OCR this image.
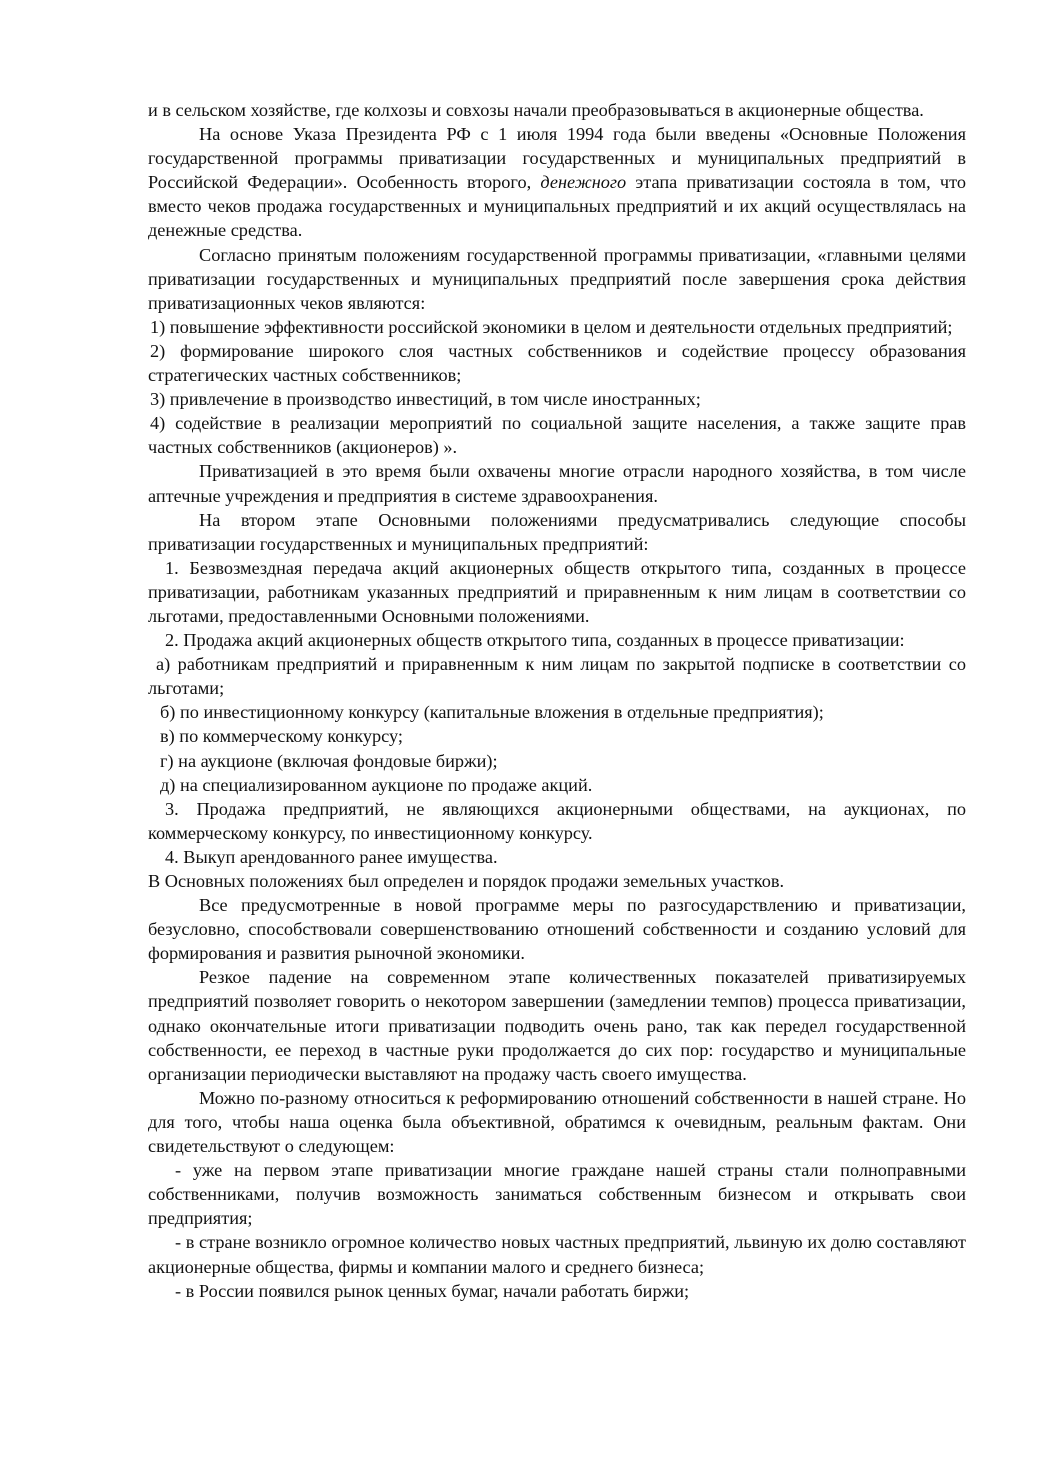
и в сельском хозяйстве, где колхозы и совхозы начали преобразовываться в акционерные общества.

На основе Указа Президента РФ с 1 июля 1994 года были введены «Основные Положения государственной программы приватизации государственных и муниципальных предприятий в Российской Федерации». Особенность второго, денежного этапа приватизации состояла в том, что вместо чеков продажа государственных и муниципальных предприятий и их акций осуществлялась на денежные средства.

Согласно принятым положениям государственной программы приватизации, «главными целями приватизации государственных и муниципальных предприятий после завершения срока действия приватизационных чеков являются:

1) повышение эффективности российской экономики в целом и деятельности отдельных предприятий;

2) формирование широкого слоя частных собственников и содействие процессу образования стратегических частных собственников;

3) привлечение в производство инвестиций, в том числе иностранных;

4) содействие в реализации мероприятий по социальной защите населения, а также защите прав частных собственников (акционеров) ».

Приватизацией в это время были охвачены многие отрасли народного хозяйства, в том числе аптечные учреждения и предприятия в системе здравоохранения.

На втором этапе Основными положениями предусматривались следующие способы приватизации государственных и муниципальных предприятий:

1. Безвозмездная передача акций акционерных обществ открытого типа, созданных в процессе приватизации, работникам указанных предприятий и приравненным к ним лицам в соответствии со льготами, предоставленными Основными положениями.

2. Продажа акций акционерных обществ открытого типа, созданных в процессе приватизации:

а) работникам предприятий и приравненным к ним лицам по закрытой подписке в соответствии со льготами;

б) по инвестиционному конкурсу (капитальные вложения в отдельные предприятия);

в) по коммерческому конкурсу;

г) на аукционе (включая фондовые биржи);

д) на специализированном аукционе по продаже акций.

3. Продажа предприятий, не являющихся акционерными обществами, на аукционах, по коммерческому конкурсу, по инвестиционному конкурсу.

4. Выкуп арендованного ранее имущества.

В Основных положениях был определен и порядок продажи земельных участков.

Все предусмотренные в новой программе меры по разгосударствлению и приватизации, безусловно, способствовали совершенствованию отношений собственности и созданию условий для формирования и развития рыночной экономики.

Резкое падение на современном этапе количественных показателей приватизируемых предприятий позволяет говорить о некотором завершении (замедлении темпов) процесса приватизации, однако окончательные итоги приватизации подводить очень рано, так как передел государственной собственности, ее переход в частные руки продолжается до сих пор: государство и муниципальные организации периодически выставляют на продажу часть своего имущества.

Можно по-разному относиться к реформированию отношений собственности в нашей стране. Но для того, чтобы наша оценка была объективной, обратимся к очевидным, реальным фактам. Они свидетельствуют о следующем:

- уже на первом этапе приватизации многие граждане нашей страны стали полноправными собственниками, получив возможность заниматься собственным бизнесом и открывать свои предприятия;

- в стране возникло огромное количество новых частных предприятий, львиную их долю составляют акционерные общества, фирмы и компании малого и среднего бизнеса;

- в России появился рынок ценных бумаг, начали работать биржи;
